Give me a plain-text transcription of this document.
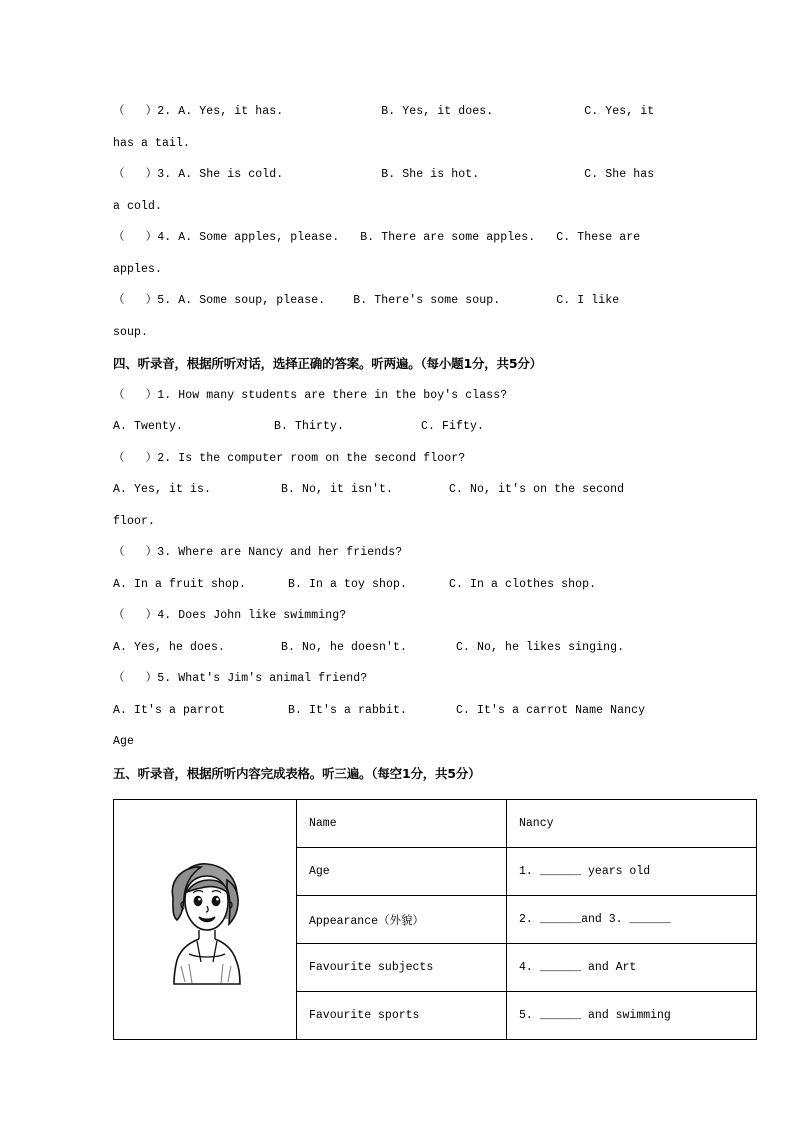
（   ）2. A. Yes, it has.              B. Yes, it does.             C. Yes, it
has a tail.
（   ）3. A. She is cold.              B. She is hot.               C. She has
a cold.
（   ）4. A. Some apples, please.   B. There are some apples.   C. These are
apples.
（   ）5. A. Some soup, please.    B. There's some soup.        C. I like
soup.
四、听录音，根据所听对话，选择正确的答案。听两遍。（每小题1分，共5分）
（   ）1. How many students are there in the boy's class?
A. Twenty.             B. Thirty.           C. Fifty.
（   ）2. Is the computer room on the second floor?
A. Yes, it is.          B. No, it isn't.        C. No, it's on the second
floor.
（   ）3. Where are Nancy and her friends?
A. In a fruit shop.      B. In a toy shop.      C. In a clothes shop.
（   ）4. Does John like swimming?
A. Yes, he does.        B. No, he doesn't.       C. No, he likes singing.
（   ）5. What's Jim's animal friend?
A. It's a parrot         B. It's a rabbit.       C. It's a carrot Name Nancy
Age
五、听录音，根据所听内容完成表格。听三遍。（每空1分，共5分）
	Name	Nancy
	Age	1. ______ years old
	Appearance（外貌）	2. ______and 3. ______
	Favourite subjects	4. ______ and Art
	Favourite sports	5. ______ and swimming
